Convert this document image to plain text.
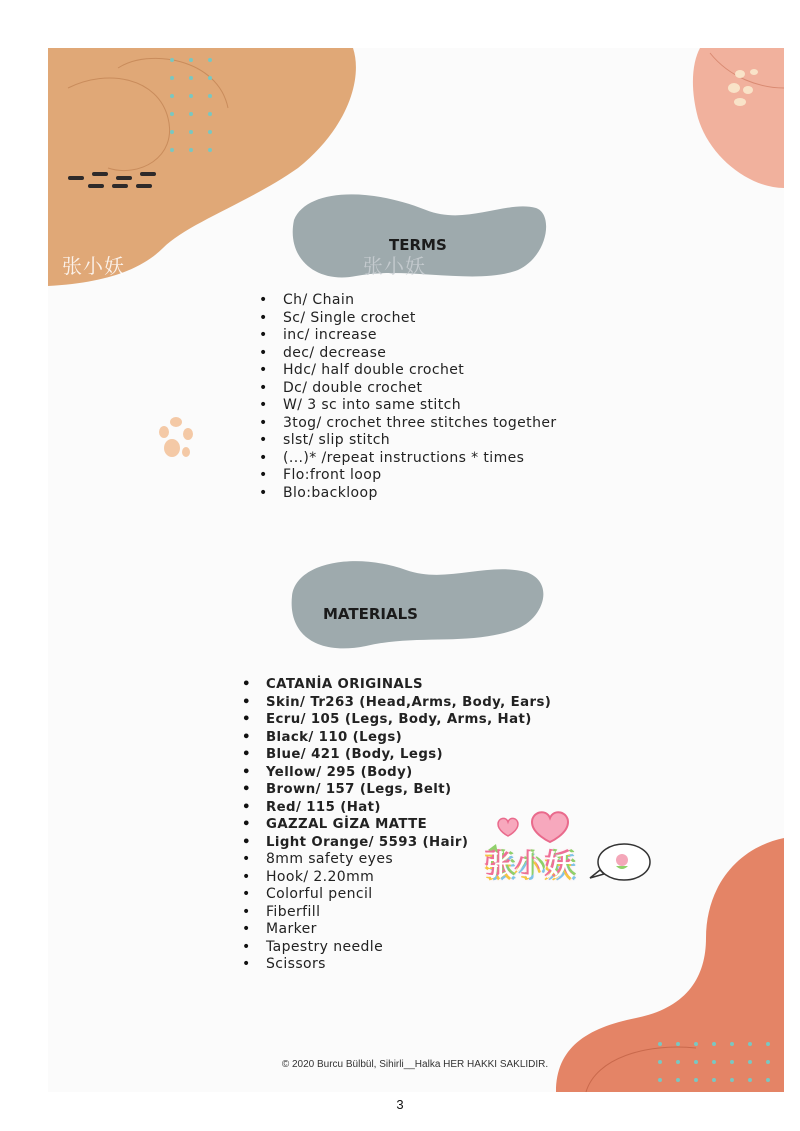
张小妖
TERMS
张小妖
• Ch/ Chain
• Sc/ Single crochet
• inc/ increase
• dec/ decrease
• Hdc/ half double crochet
• Dc/ double crochet
• W/ 3 sc into same stitch
• 3tog/ crochet three stitches together
• slst/ slip stitch
• (...)* /repeat instructions * times
• Flo:front loop
• Blo:backloop
MATERIALS
• CATANİA ORIGINALS
• Skin/ Tr263 (Head,Arms, Body, Ears)
• Ecru/ 105 (Legs, Body, Arms, Hat)
• Black/ 110 (Legs)
• Blue/ 421 (Body, Legs)
• Yellow/ 295 (Body)
• Brown/ 157 (Legs, Belt)
• Red/ 115 (Hat)
• GAZZAL GİZA MATTE
• Light Orange/ 5593 (Hair)
• 8mm safety eyes
• Hook/ 2.20mm
• Colorful pencil
• Fiberfill
• Marker
• Tapestry needle
• Scissors
张小妖
© 2020 Burcu Bülbül, Sihirli__Halka HER HAKKI SAKLIDIR.
3
